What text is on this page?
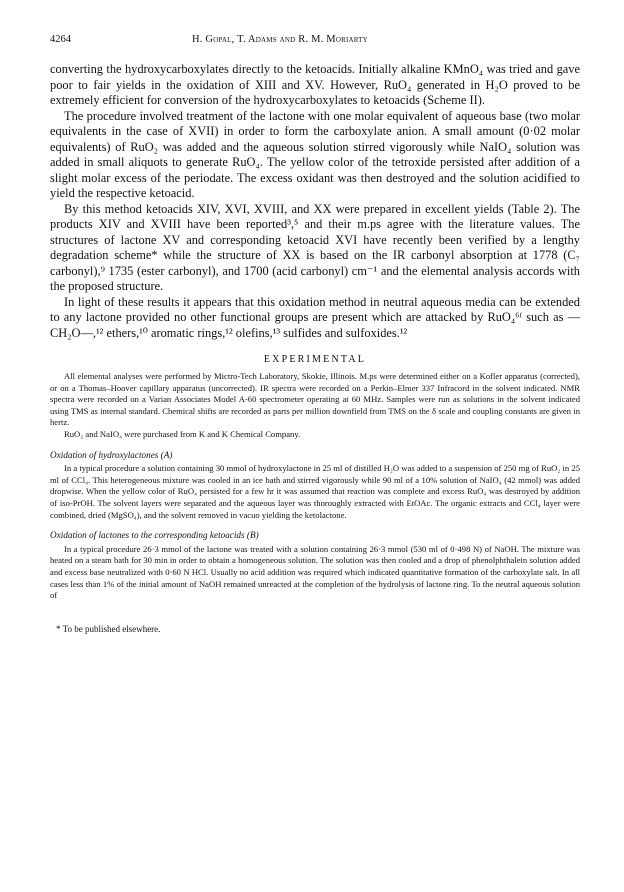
4264	H. Gopal, T. Adams and R. M. Moriarty

converting the hydroxycarboxylates directly to the ketoacids. Initially alkaline KMnO₄ was tried and gave poor to fair yields in the oxidation of XIII and XV. However, RuO₄ generated in H₂O proved to be extremely efficient for conversion of the hydroxycarboxylates to ketoacids (Scheme II).

The procedure involved treatment of the lactone with one molar equivalent of aqueous base (two molar equivalents in the case of XVII) in order to form the carboxylate anion. A small amount (0·02 molar equivalents) of RuO₂ was added and the aqueous solution stirred vigorously while NaIO₄ solution was added in small aliquots to generate RuO₄. The yellow color of the tetroxide persisted after addition of a slight molar excess of the periodate. The excess oxidant was then destroyed and the solution acidified to yield the respective ketoacid.

By this method ketoacids XIV, XVI, XVIII, and XX were prepared in excellent yields (Table 2). The products XIV and XVIII have been reported³,⁵ and their m.ps agree with the literature values. The structures of lactone XV and corresponding ketoacid XVI have recently been verified by a lengthy degradation scheme* while the structure of XX is based on the IR carbonyl absorption at 1778 (C₇ carbonyl),⁹ 1735 (ester carbonyl), and 1700 (acid carbonyl) cm⁻¹ and the elemental analysis accords with the proposed structure.

In light of these results it appears that this oxidation method in neutral aqueous media can be extended to any lactone provided no other functional groups are present which are attacked by RuO₄⁶ᶠ such as —CH₂O—,¹² ethers,¹⁰ aromatic rings,¹² olefins,¹³ sulfides and sulfoxides.¹²

EXPERIMENTAL

All elemental analyses were performed by Mictro-Tech Laboratory, Skokie, Illinois. M.ps were determined either on a Kofler apparatus (corrected), or on a Thomas–Hoover capillary apparatus (uncorrected). IR spectra were recorded on a Perkin–Elmer 337 Infracord in the solvent indicated. NMR spectra were recorded on a Varian Associates Model A-60 spectrometer operating at 60 MHz. Samples were run as solutions in the solvent indicated using TMS as internal standard. Chemical shifts are recorded as parts per million downfield from TMS on the δ scale and coupling constants are given in hertz.

RuO₂ and NaIO₄ were purchased from K and K Chemical Company.

Oxidation of hydroxylactones (A)

In a typical procedure a solution containing 30 mmol of hydroxylactone in 25 ml of distilled H₂O was added to a suspension of 250 mg of RuO₂ in 25 ml of CCl₄. This heterogeneous mixture was cooled in an ice bath and stirred vigorously while 90 ml of a 10% solution of NaIO₄ (42 mmol) was added dropwise. When the yellow color of RuO₄ persisted for a few hr it was assumed that reaction was complete and excess RuO₄ was destroyed by addition of iso-PrOH. The solvent layers were separated and the aqueous layer was thoroughly extracted with EtOAc. The organic extracts and CCl₄ layer were combined, dried (MgSO₄), and the solvent removed in vacuo yielding the ketolactone.

Oxidation of lactones to the corresponding ketoacids (B)

In a typical procedure 26·3 mmol of the lactone was treated with a solution containing 26·3 mmol (530 ml of 0·498 N) of NaOH. The mixture was heated on a steam bath for 30 min in order to obtain a homogeneous solution. The solution was then cooled and a drop of phenolphthalein solution added and excess base neutralized with 0·60 N HCl. Usually no acid addition was required which indicated quantitative formation of the carboxylate salt. In all cases less than 1% of the initial amount of NaOH remained unreacted at the completion of the hydrolysis of lactone ring. To the neutral aqueous solution of

* To be published elsewhere.
